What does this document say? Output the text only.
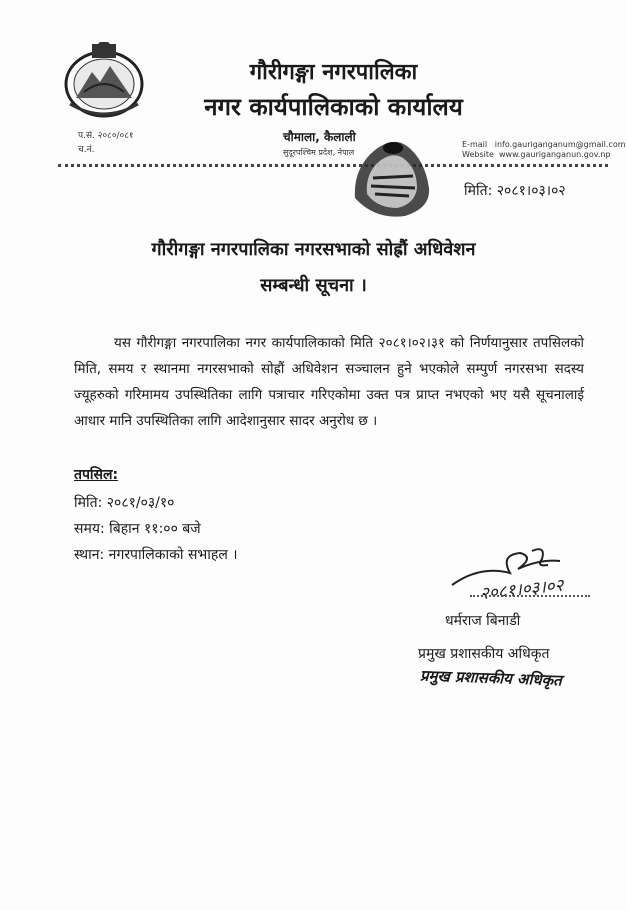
प.सं. २०८०/०८१
च.नं.
गौरीगङ्गा नगरपालिका
नगर कार्यपालिकाको कार्यालय
चौमाला, कैलाली
सुदूरपश्चिम प्रदेश, नेपाल
E-mail info.gauriganganum@gmail.com
Website www.gauriganganun.gov.np
मिति: २०८१।०३।०२
गौरीगङ्गा नगरपालिका नगरसभाको सोह्रौं अधिवेशन
सम्बन्धी सूचना ।

यस गौरीगङ्गा नगरपालिका नगर कार्यपालिकाको मिति २०८१।०२।३१ को निर्णयानुसार तपसिलको मिति, समय र स्थानमा नगरसभाको सोह्रौं अधिवेशन सञ्चालन हुने भएकोले सम्पुर्ण नगरसभा सदस्य ज्यूहरुको गरिमामय उपस्थितिका लागि पत्राचार गरिएकोमा उक्त पत्र प्राप्त नभएको भए यसै सूचनालाई आधार मानि उपस्थितिका लागि आदेशानुसार सादर अनुरोध छ ।

तपसिल:
मिति: २०८१/०३/१०
समय: बिहान ११:०० बजे
स्थान: नगरपालिकाको सभाहल ।
२०८१।०३।०२
धर्मराज बिनाडी
प्रमुख प्रशासकीय अधिकृत
प्रमुख प्रशासकीय अधिकृत
